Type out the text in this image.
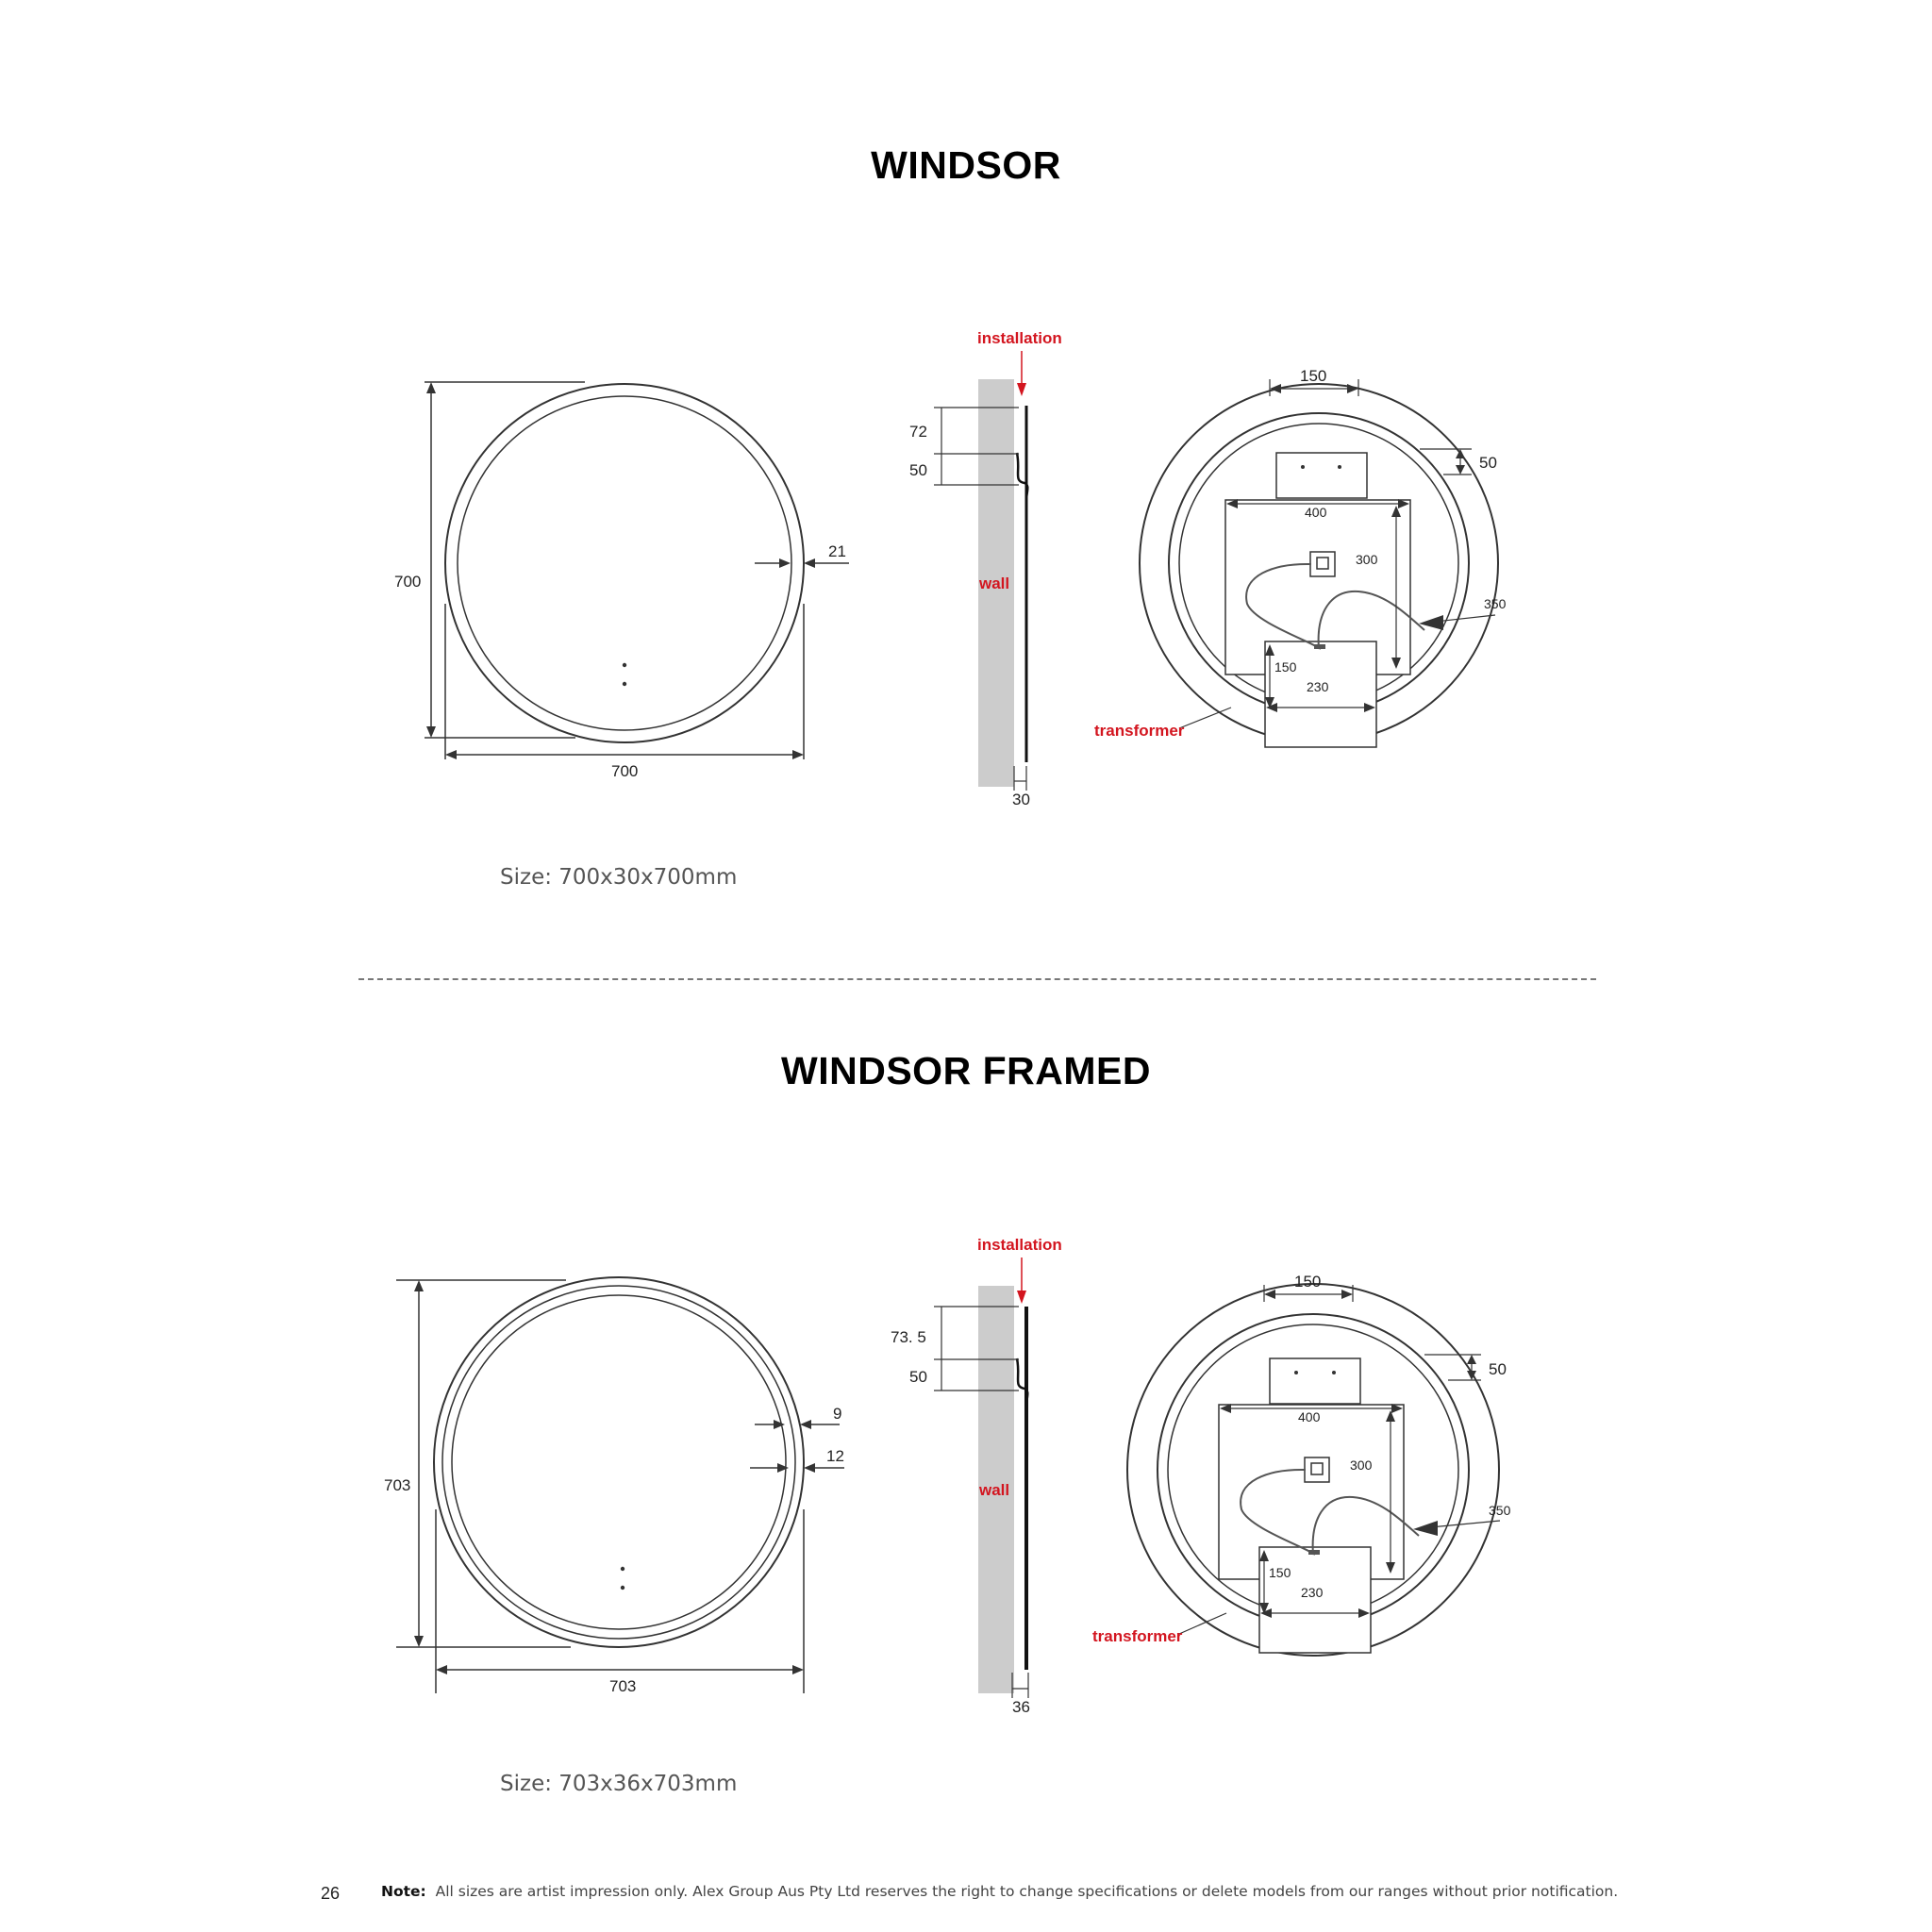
WINDSOR
700
700
21
installation
wall
72
50
30
150
50
400
300
350
150
230
transformer
Size: 700x30x700mm
WINDSOR FRAMED
703
703
9
12
installation
wall
73. 5
50
36
150
50
400
300
350
150
230
transformer
Size: 703x36x703mm
26	Note: All sizes are artist impression only. Alex Group Aus Pty Ltd reserves the right to change specifications or delete models from our ranges without prior notification.
